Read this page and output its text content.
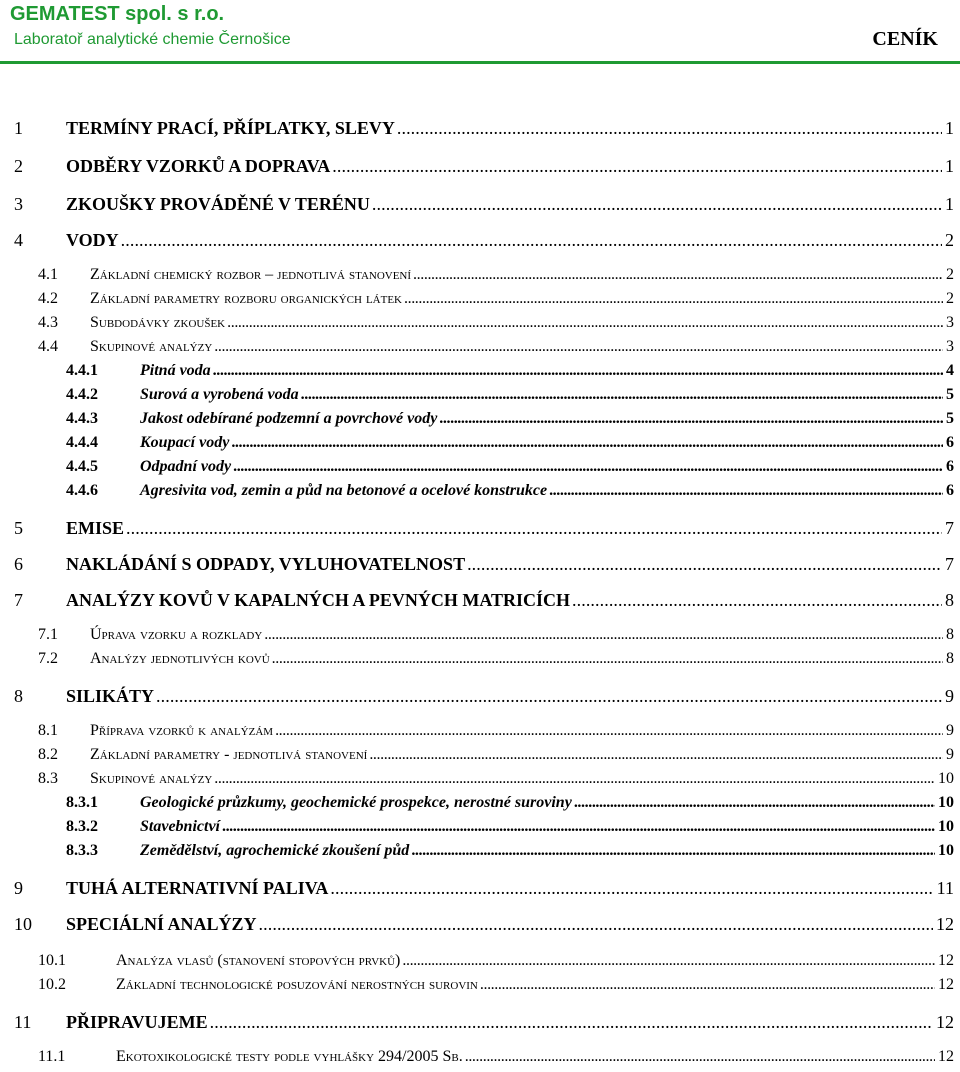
GEMATEST spol. s r.o.
Laboratoř analytické chemie Černošice	CENÍK
1 TERMÍNY PRACÍ, PŘÍPLATKY, SLEVY . . .	1
2 ODBĚRY VZORKŮ A DOPRAVA . . .	1
3 ZKOUŠKY PROVÁDĚNÉ V TERÉNU . . .	1
4 VODY . . .	2
4.1 Základní chemický rozbor – jednotlivá stanovení . . .	2
4.2 Základní parametry rozboru organických látek . . .	2
4.3 Subdodávky zkoušek . . .	3
4.4 Skupinové analýzy . . .	3
4.4.1	Pitná voda . . .	4
4.4.2	Surová a vyrobená voda . . .	5
4.4.3	Jakost odebírané podzemní a povrchové vody . . .	5
4.4.4	Koupací vody . . .	6
4.4.5	Odpadní vody . . .	6
4.4.6	Agresivita vod, zemin a půd na betonové a ocelové konstrukce . . .	6
5 EMISE . . .	7
6 NAKLÁDÁNÍ S ODPADY, VYLUHOVATELNOST . . .	7
7 ANALÝZY KOVŮ V KAPALNÝCH A PEVNÝCH MATRICÍCH . . .	8
7.1 Úprava vzorku a rozklady . . .	8
7.2 Analýzy jednotlivých kovů . . .	8
8 SILIKÁTY . . .	9
8.1 Příprava vzorků k analýzám . . .	9
8.2 Základní parametry - jednotlivá stanovení . . .	9
8.3 Skupinové analýzy . . .	10
8.3.1	Geologické průzkumy, geochemické prospekce, nerostné suroviny . . .	10
8.3.2	Stavebnictví . . .	10
8.3.3	Zemědělství, agrochemické zkoušení půd . . .	10
9 TUHÁ ALTERNATIVNÍ PALIVA . . .	11
10 SPECIÁLNÍ ANALÝZY . . .	12
10.1	Analýza vlasů (stanovení stopových prvků) . . .	12
10.2	Základní technologické posuzování nerostných surovin . . .	12
11 PŘIPRAVUJEME . . .	12
11.1	Ekotoxikologické testy podle vyhlášky 294/2005 Sb. . . .	12
